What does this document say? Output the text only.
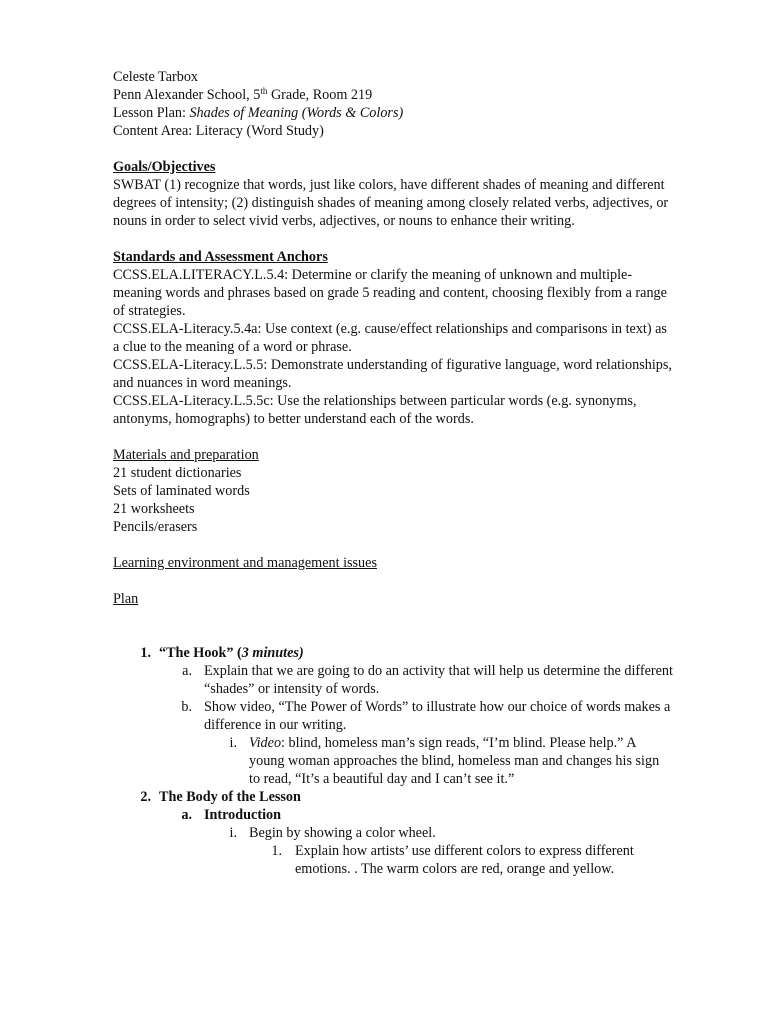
Celeste Tarbox

Penn Alexander School, 5th Grade, Room 219

Lesson Plan: Shades of Meaning (Words & Colors)

Content Area: Literacy (Word Study)

Goals/Objectives

SWBAT (1) recognize that words, just like colors, have different shades of meaning and different degrees of intensity; (2) distinguish shades of meaning among closely related verbs, adjectives, or nouns in order to select vivid verbs, adjectives, or nouns to enhance their writing.

Standards and Assessment Anchors

CCSS.ELA.LITERACY.L.5.4: Determine or clarify the meaning of unknown and multiple-meaning words and phrases based on grade 5 reading and content, choosing flexibly from a range of strategies.

CCSS.ELA-Literacy.5.4a: Use context (e.g. cause/effect relationships and comparisons in text) as a clue to the meaning of a word or phrase.

CCSS.ELA-Literacy.L.5.5: Demonstrate understanding of figurative language, word relationships, and nuances in word meanings.

CCSS.ELA-Literacy.L.5.5c: Use the relationships between particular words (e.g. synonyms, antonyms, homographs) to better understand each of the words.

Materials and preparation

21 student dictionaries

Sets of laminated words

21 worksheets

Pencils/erasers

Learning environment and management issues

Plan

1. “The Hook” (3 minutes)
a. Explain that we are going to do an activity that will help us determine the different “shades” or intensity of words.
b. Show video, “The Power of Words” to illustrate how our choice of words makes a difference in our writing.
i. Video: blind, homeless man’s sign reads, “I’m blind. Please help.” A young woman approaches the blind, homeless man and changes his sign to read, “It’s a beautiful day and I can’t see it.”
2. The Body of the Lesson
a. Introduction
i. Begin by showing a color wheel.
1. Explain how artists’ use different colors to express different emotions. . The warm colors are red, orange and yellow.
